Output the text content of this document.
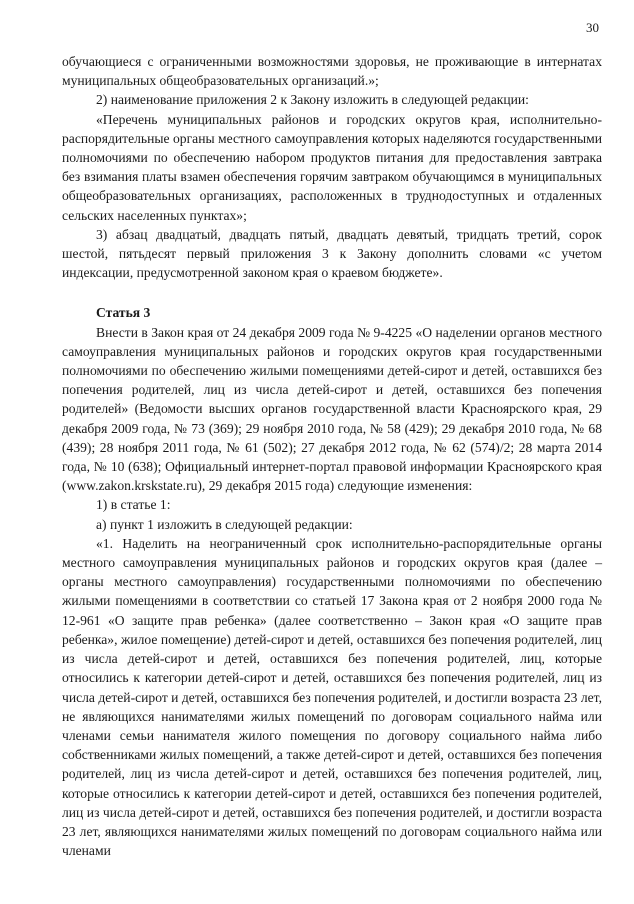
30

обучающиеся с ограниченными возможностями здоровья, не проживающие в интернатах муниципальных общеобразовательных организаций.»;

2) наименование приложения 2 к Закону изложить в следующей редакции:

«Перечень муниципальных районов и городских округов края, исполнительно-распорядительные органы местного самоуправления которых наделяются государственными полномочиями по обеспечению набором продуктов питания для предоставления завтрака без взимания платы взамен обеспечения горячим завтраком обучающимся в муниципальных общеобразовательных организациях, расположенных в труднодоступных и отдаленных сельских населенных пунктах»;

3) абзац двадцатый, двадцать пятый, двадцать девятый, тридцать третий, сорок шестой, пятьдесят первый приложения 3 к Закону дополнить словами «с учетом индексации, предусмотренной законом края о краевом бюджете».

Статья 3

Внести в Закон края от 24 декабря 2009 года № 9-4225 «О наделении органов местного самоуправления муниципальных районов и городских округов края государственными полномочиями по обеспечению жилыми помещениями детей-сирот и детей, оставшихся без попечения родителей, лиц из числа детей-сирот и детей, оставшихся без попечения родителей» (Ведомости высших органов государственной власти Красноярского края, 29 декабря 2009 года, № 73 (369); 29 ноября 2010 года, № 58 (429); 29 декабря 2010 года, № 68 (439); 28 ноября 2011 года, № 61 (502); 27 декабря 2012 года, № 62 (574)/2; 28 марта 2014 года, № 10 (638); Официальный интернет-портал правовой информации Красноярского края (www.zakon.krskstate.ru), 29 декабря 2015 года) следующие изменения:

1) в статье 1:

а) пункт 1 изложить в следующей редакции:

«1. Наделить на неограниченный срок исполнительно-распорядительные органы местного самоуправления муниципальных районов и городских округов края (далее – органы местного самоуправления) государственными полномочиями по обеспечению жилыми помещениями в соответствии со статьей 17 Закона края от 2 ноября 2000 года № 12-961 «О защите прав ребенка» (далее соответственно – Закон края «О защите прав ребенка», жилое помещение) детей-сирот и детей, оставшихся без попечения родителей, лиц из числа детей-сирот и детей, оставшихся без попечения родителей, лиц, которые относились к категории детей-сирот и детей, оставшихся без попечения родителей, лиц из числа детей-сирот и детей, оставшихся без попечения родителей, и достигли возраста 23 лет, не являющихся нанимателями жилых помещений по договорам социального найма или членами семьи нанимателя жилого помещения по договору социального найма либо собственниками жилых помещений, а также детей-сирот и детей, оставшихся без попечения родителей, лиц из числа детей-сирот и детей, оставшихся без попечения родителей, лиц, которые относились к категории детей-сирот и детей, оставшихся без попечения родителей, лиц из числа детей-сирот и детей, оставшихся без попечения родителей, и достигли возраста 23 лет, являющихся нанимателями жилых помещений по договорам социального найма или членами
